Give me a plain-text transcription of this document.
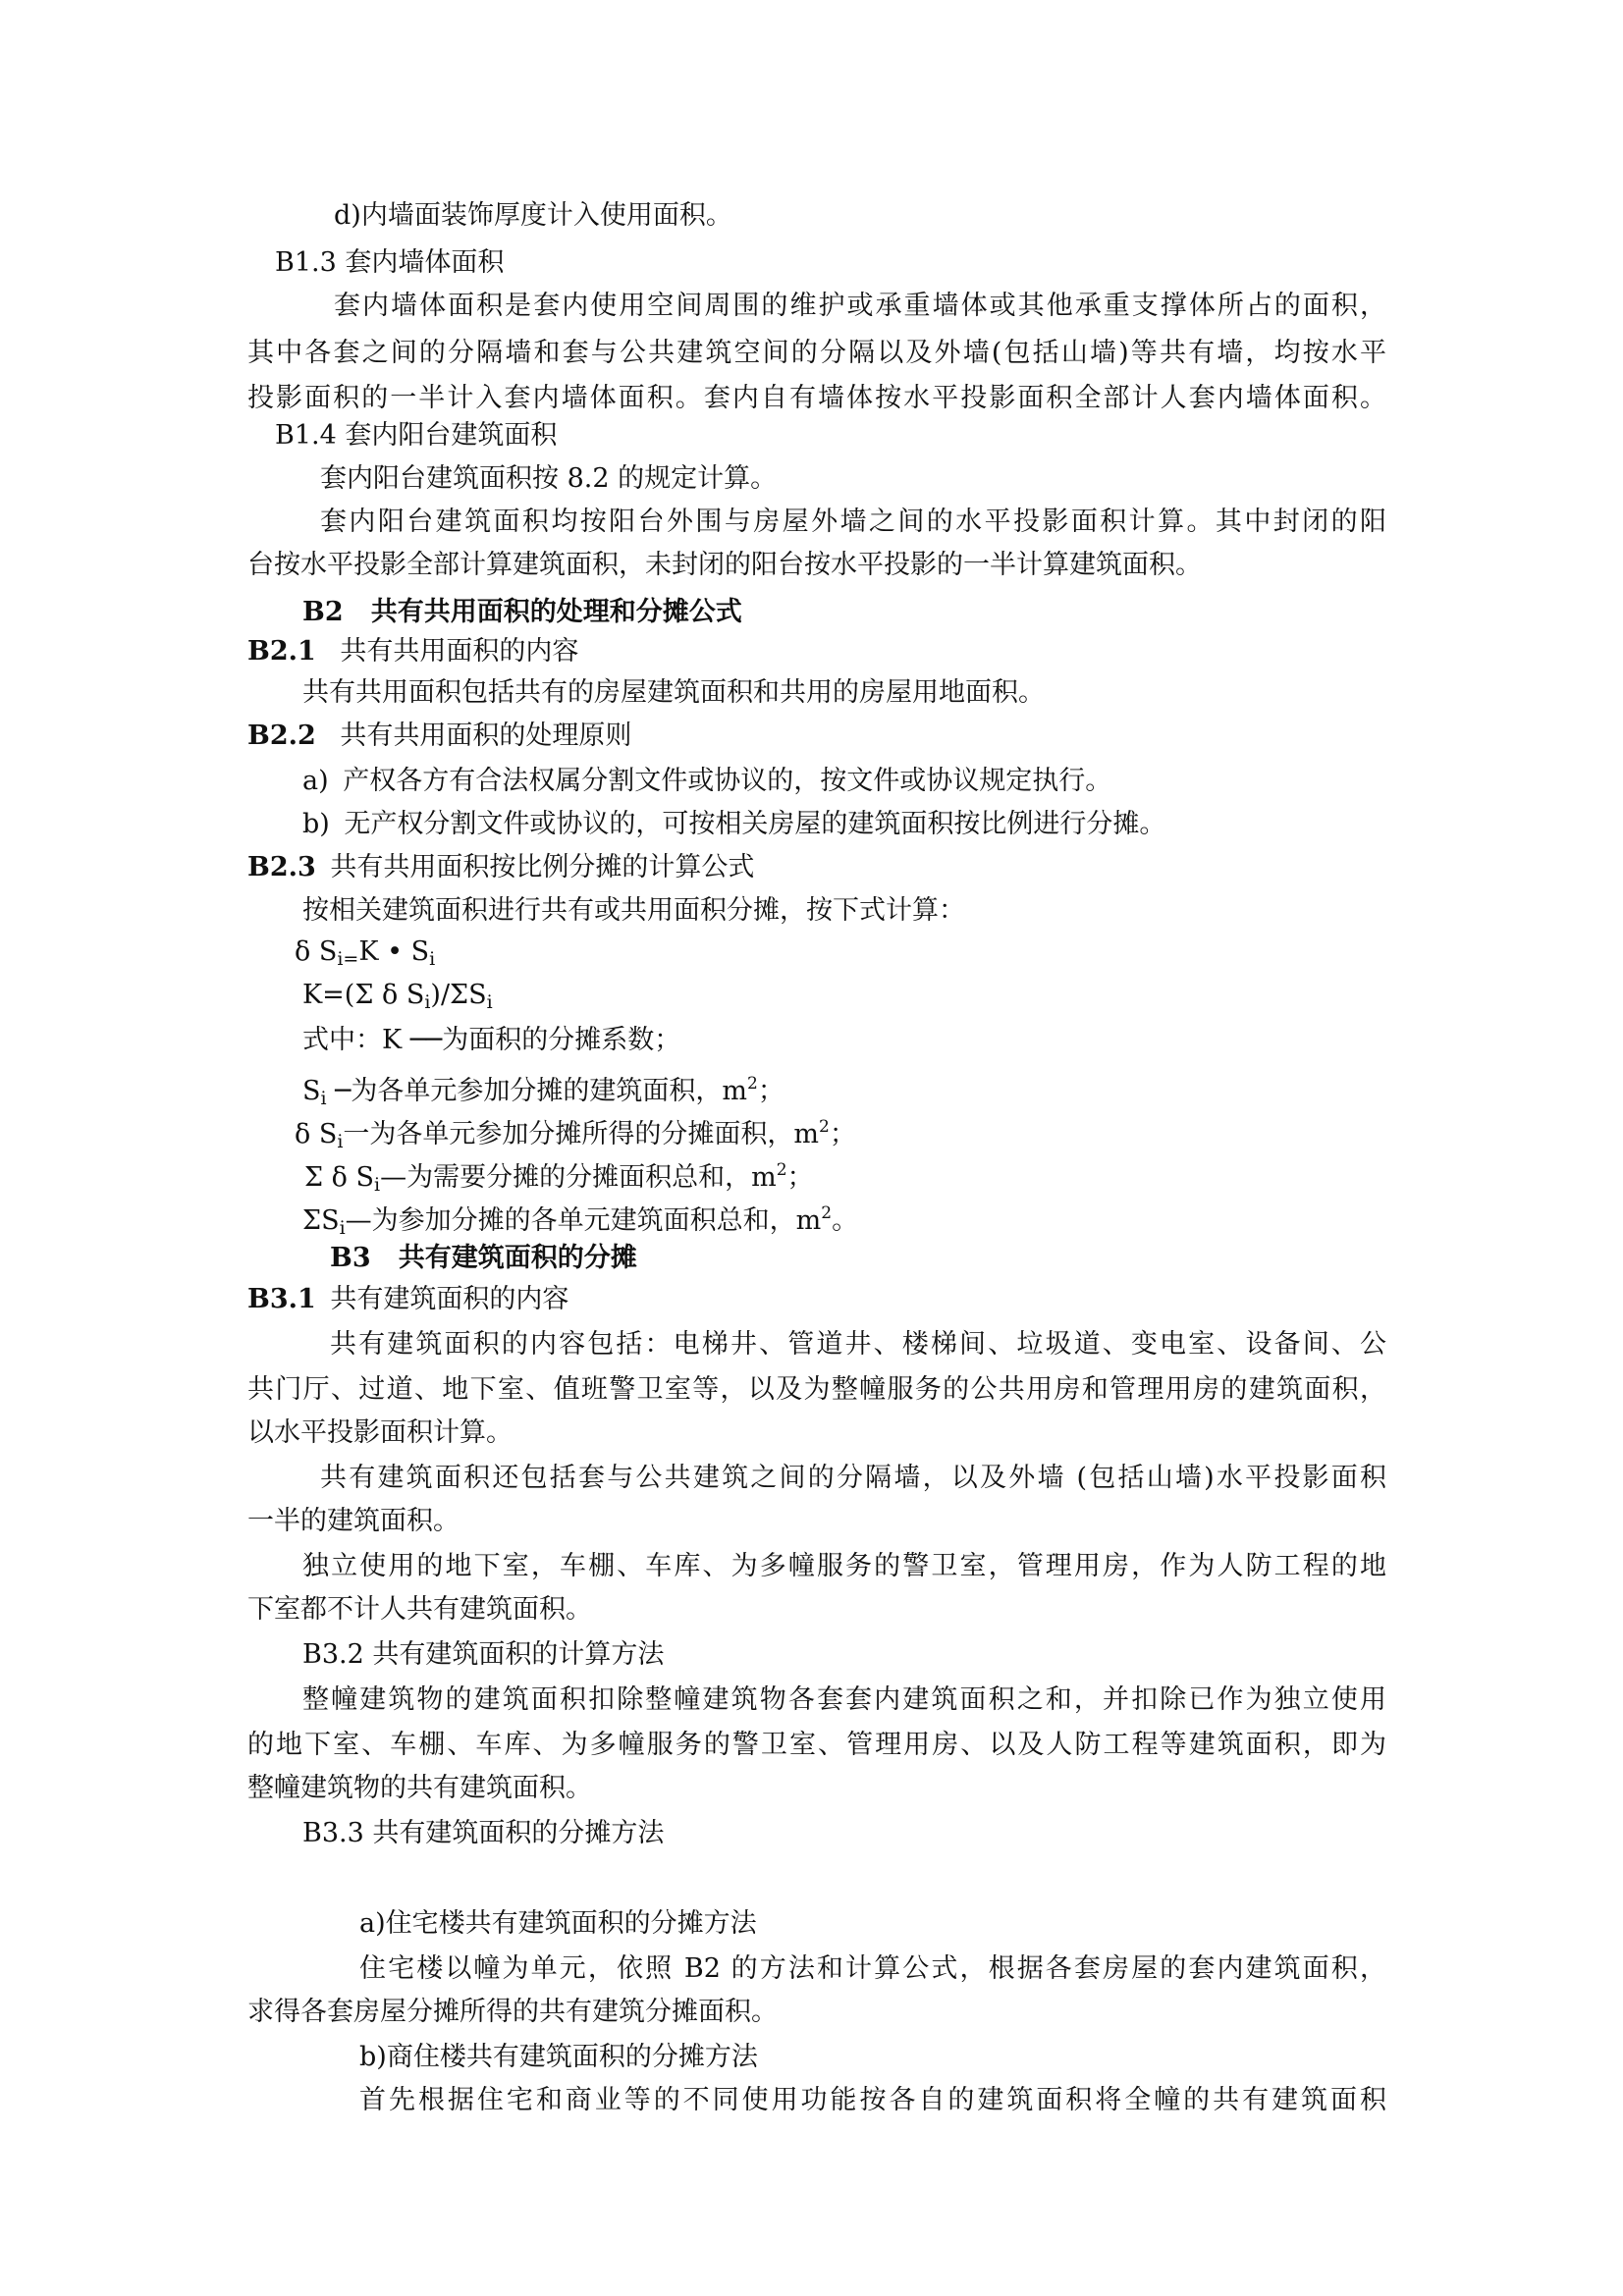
d)内墙面装饰厚度计入使用面积。
B1.3 套内墙体面积
套内墙体面积是套内使用空间周围的维护或承重墙体或其他承重支撑体所占的面积，
其中各套之间的分隔墙和套与公共建筑空间的分隔以及外墙(包括山墙)等共有墙，均按水平
投影面积的一半计入套内墙体面积。套内自有墙体按水平投影面积全部计人套内墙体面积。
B1.4 套内阳台建筑面积
套内阳台建筑面积按 8.2 的规定计算。
套内阳台建筑面积均按阳台外围与房屋外墙之间的水平投影面积计算。其中封闭的阳
台按水平投影全部计算建筑面积，未封闭的阳台按水平投影的一半计算建筑面积。
B2   共有共用面积的处理和分摊公式
B2.1 共有共用面积的内容
共有共用面积包括共有的房屋建筑面积和共用的房屋用地面积。
B2.2 共有共用面积的处理原则
a) 产权各方有合法权属分割文件或协议的，按文件或协议规定执行。
b) 无产权分割文件或协议的，可按相关房屋的建筑面积按比例进行分摊。
B2.3 共有共用面积按比例分摊的计算公式
按相关建筑面积进行共有或共用面积分摊，按下式计算：
δ $S_{i=}K$ • $S_i$
K=(Σ δ $S_i)/\Sigma S_i$
式中：K ──为面积的分摊系数；
$S_i$ ─为各单元参加分摊的建筑面积，$m^2$；
δ $S_i$一为各单元参加分摊所得的分摊面积，$m^2$；
Σ δ $S_i—$为需要分摊的分摊面积总和，$m^2$；
$\Sigma S_i—$为参加分摊的各单元建筑面积总和，$m^2$。
B3   共有建筑面积的分摊
B3.1 共有建筑面积的内容
共有建筑面积的内容包括：电梯井、管道井、楼梯间、垃圾道、变电室、设备间、公
共门厅、过道、地下室、值班警卫室等，以及为整幢服务的公共用房和管理用房的建筑面积，
以水平投影面积计算。
共有建筑面积还包括套与公共建筑之间的分隔墙，以及外墙 (包括山墙)水平投影面积
一半的建筑面积。
独立使用的地下室，车棚、车库、为多幢服务的警卫室，管理用房，作为人防工程的地
下室都不计人共有建筑面积。
B3.2 共有建筑面积的计算方法
整幢建筑物的建筑面积扣除整幢建筑物各套套内建筑面积之和，并扣除已作为独立使用
的地下室、车棚、车库、为多幢服务的警卫室、管理用房、以及人防工程等建筑面积，即为
整幢建筑物的共有建筑面积。
B3.3 共有建筑面积的分摊方法
a)住宅楼共有建筑面积的分摊方法
住宅楼以幢为单元，依照 B2 的方法和计算公式，根据各套房屋的套内建筑面积，
求得各套房屋分摊所得的共有建筑分摊面积。
b)商住楼共有建筑面积的分摊方法
首先根据住宅和商业等的不同使用功能按各自的建筑面积将全幢的共有建筑面积
